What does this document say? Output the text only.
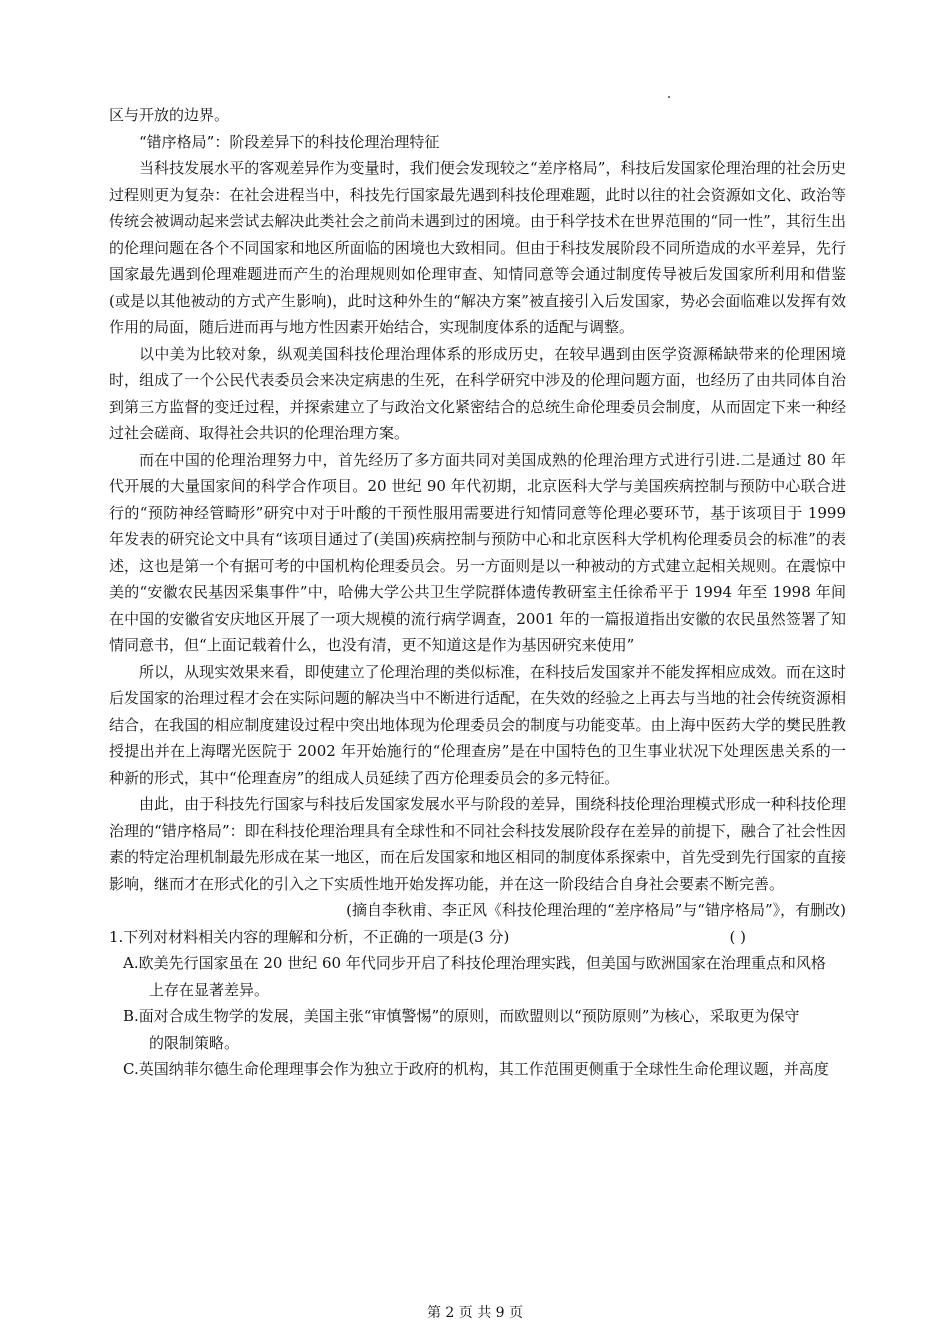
区与开放的边界。

“错序格局”：阶段差异下的科技伦理治理特征

当科技发展水平的客观差异作为变量时，我们便会发现较之“差序格局”，科技后发国家伦理治理的社会历史过程则更为复杂：在社会进程当中，科技先行国家最先遇到科技伦理难题，此时以往的社会资源如文化、政治等传统会被调动起来尝试去解决此类社会之前尚未遇到过的困境。由于科学技术在世界范围的“同一性”，其衍生出的伦理问题在各个不同国家和地区所面临的困境也大致相同。但由于科技发展阶段不同所造成的水平差异，先行国家最先遇到伦理难题进而产生的治理规则如伦理审查、知情同意等会通过制度传导被后发国家所利用和借鉴(或是以其他被动的方式产生影响)，此时这种外生的“解决方案”被直接引入后发国家，势必会面临难以发挥有效作用的局面，随后进而再与地方性因素开始结合，实现制度体系的适配与调整。

以中美为比较对象，纵观美国科技伦理治理体系的形成历史，在较早遇到由医学资源稀缺带来的伦理困境时，组成了一个公民代表委员会来决定病患的生死，在科学研究中涉及的伦理问题方面，也经历了由共同体自治到第三方监督的变迁过程，并探索建立了与政治文化紧密结合的总统生命伦理委员会制度，从而固定下来一种经过社会磋商、取得社会共识的伦理治理方案。

而在中国的伦理治理努力中，首先经历了多方面共同对美国成熟的伦理治理方式进行引进.二是通过 80 年代开展的大量国家间的科学合作项目。20 世纪 90 年代初期，北京医科大学与美国疾病控制与预防中心联合进行的“预防神经管畸形”研究中对于叶酸的干预性服用需要进行知情同意等伦理必要环节，基于该项目于 1999 年发表的研究论文中具有“该项目通过了(美国)疾病控制与预防中心和北京医科大学机构伦理委员会的标准”的表述，这也是第一个有据可考的中国机构伦理委员会。另一方面则是以一种被动的方式建立起相关规则。在震惊中美的“安徽农民基因采集事件”中，哈佛大学公共卫生学院群体遗传教研室主任徐希平于 1994 年至 1998 年间在中国的安徽省安庆地区开展了一项大规模的流行病学调查，2001 年的一篇报道指出安徽的农民虽然签署了知情同意书，但“上面记载着什么，也没有清，更不知道这是作为基因研究来使用”

所以，从现实效果来看，即使建立了伦理治理的类似标准，在科技后发国家并不能发挥相应成效。而在这时后发国家的治理过程才会在实际问题的解决当中不断进行适配，在失效的经验之上再去与当地的社会传统资源相结合，在我国的相应制度建设过程中突出地体现为伦理委员会的制度与功能变革。由上海中医药大学的樊民胜教授提出并在上海曙光医院于 2002 年开始施行的“伦理查房”是在中国特色的卫生事业状况下处理医患关系的一种新的形式，其中“伦理查房”的组成人员延续了西方伦理委员会的多元特征。

由此，由于科技先行国家与科技后发国家发展水平与阶段的差异，围绕科技伦理治理模式形成一种科技伦理治理的“错序格局”：即在科技伦理治理具有全球性和不同社会科技发展阶段存在差异的前提下，融合了社会性因素的特定治理机制最先形成在某一地区，而在后发国家和地区相同的制度体系探索中，首先受到先行国家的直接影响，继而才在形式化的引入之下实质性地开始发挥功能，并在这一阶段结合自身社会要素不断完善。

(摘自李秋甫、李正风《科技伦理治理的“差序格局”与“错序格局”》，有删改)

1.下列对材料相关内容的理解和分析，不正确的一项是(3 分)	( )
A.欧美先行国家虽在 20 世纪 60 年代同步开启了科技伦理治理实践，但美国与欧洲国家在治理重点和风格
上存在显著差异。
B.面对合成生物学的发展，美国主张“审慎警惕”的原则，而欧盟则以“预防原则”为核心，采取更为保守
的限制策略。
C.英国纳菲尔德生命伦理理事会作为独立于政府的机构，其工作范围更侧重于全球性生命伦理议题，并高度
第 2 页 共 9 页
